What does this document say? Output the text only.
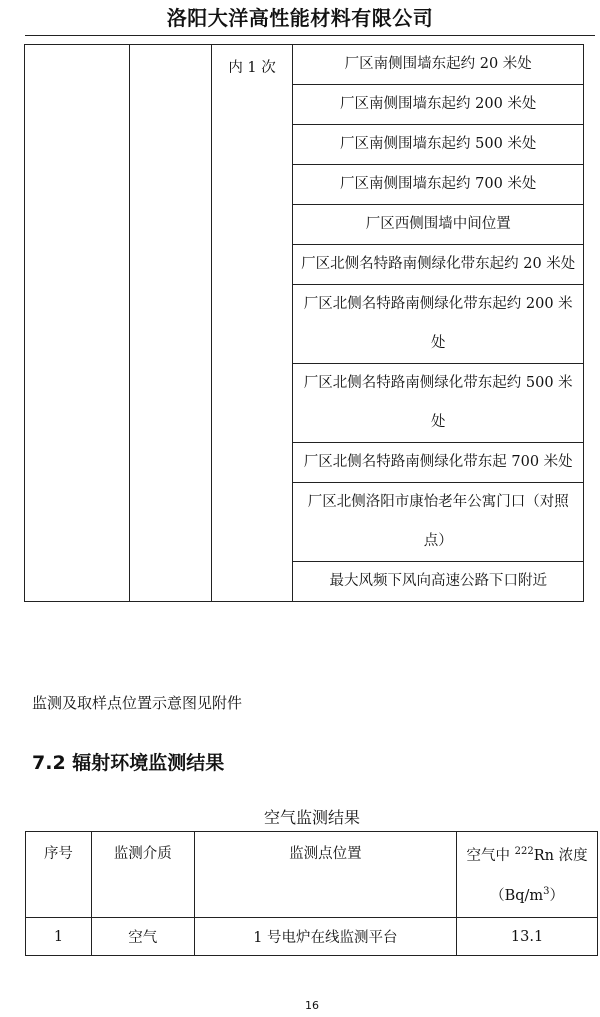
洛阳大洋高性能材料有限公司
		内 1 次	厂区南侧围墙东起约 20 米处
厂区南侧围墙东起约 200 米处
厂区南侧围墙东起约 500 米处
厂区南侧围墙东起约 700 米处
厂区西侧围墙中间位置
厂区北侧名特路南侧绿化带东起约 20 米处
厂区北侧名特路南侧绿化带东起约 200 米处
厂区北侧名特路南侧绿化带东起约 500 米处
厂区北侧名特路南侧绿化带东起 700 米处
厂区北侧洛阳市康怡老年公寓门口（对照点）
最大风频下风向高速公路下口附近
监测及取样点位置示意图见附件
7.2 辐射环境监测结果
空气监测结果
序号	监测介质	监测点位置	空气中 $^{222}$Rn 浓度
$(Bq/m^3)$
1	空气	1 号电炉在线监测平台	13.1
16
